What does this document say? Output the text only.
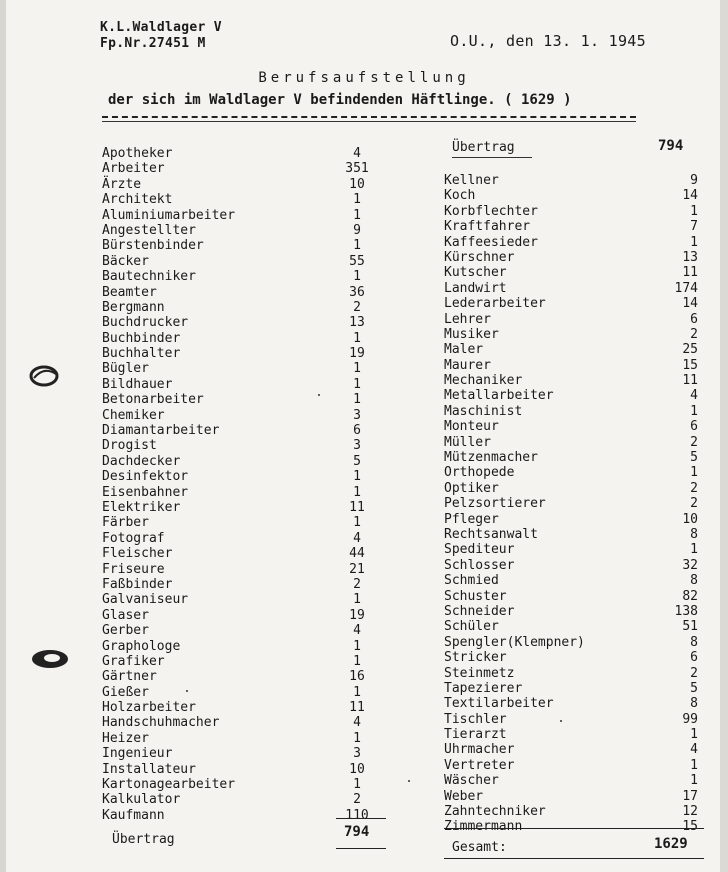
K.L.Waldlager V
Fp.Nr.27451 M	O.U., den 13. 1. 1945
Berufsaufstellung
der sich im Waldlager V befindenden Häftlinge. ( 1629 )
Apotheker	4
Arbeiter	351
Ärzte	10
Architekt	1
Aluminiumarbeiter	1
Angestellter	9
Bürstenbinder	1
Bäcker	55
Bautechniker	1
Beamter	36
Bergmann	2
Buchdrucker	13
Buchbinder	1
Buchhalter	19
Bügler	1
Bildhauer	1
Betonarbeiter	1
Chemiker	3
Diamantarbeiter	6
Drogist	3
Dachdecker	5
Desinfektor	1
Eisenbahner	1
Elektriker	11
Färber	1
Fotograf	4
Fleischer	44
Friseure	21
Faßbinder	2
Galvaniseur	1
Glaser	19
Gerber	4
Graphologe	1
Grafiker	1
Gärtner	16
Gießer	1
Holzarbeiter	11
Handschuhmacher	4
Heizer	1
Ingenieur	3
Installateur	10
Kartonagearbeiter	1
Kalkulator	2
Kaufmann	110
Übertrag	794
Kellner	9
Koch	14
Korbflechter	1
Kraftfahrer	7
Kaffeesieder	1
Kürschner	13
Kutscher	11
Landwirt	174
Lederarbeiter	14
Lehrer	6
Musiker	2
Maler	25
Maurer	15
Mechaniker	11
Metallarbeiter	4
Maschinist	1
Monteur	6
Müller	2
Mützenmacher	5
Orthopede	1
Optiker	2
Pelzsortierer	2
Pfleger	10
Rechtsanwalt	8
Spediteur	1
Schlosser	32
Schmied	8
Schuster	82
Schneider	138
Schüler	51
Spengler(Klempner)	8
Stricker	6
Steinmetz	2
Tapezierer	5
Textilarbeiter	8
Tischler	99
Tierarzt	1
Uhrmacher	4
Vertreter	1
Wäscher	1
Weber	17
Zahntechniker	12
Zimmermann	15
Übertrag	794
Gesamt:	1629
